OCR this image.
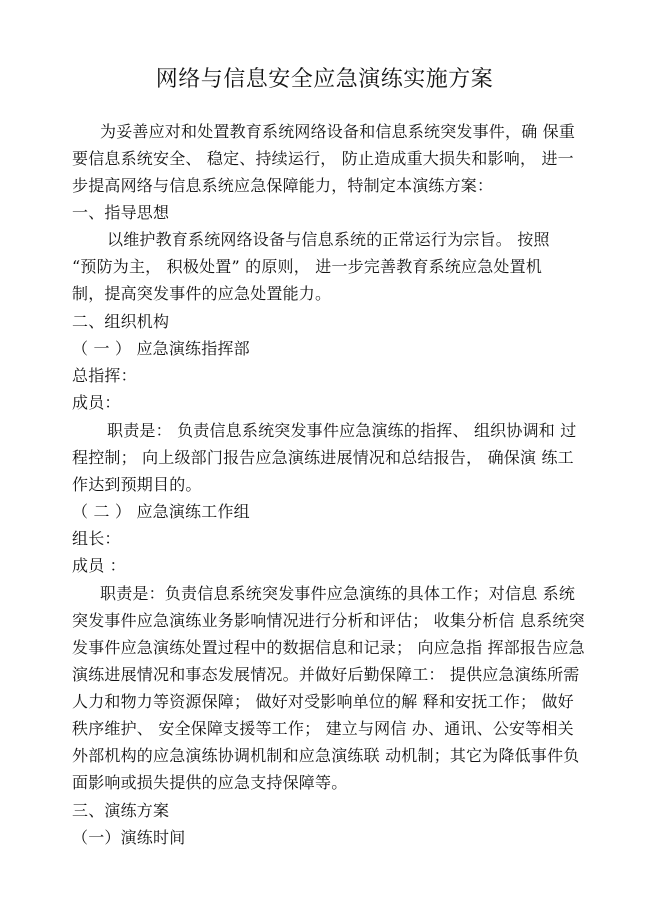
网络与信息安全应急演练实施方案
为妥善应对和处置教育系统网络设备和信息系统突发事件，确 保重
要信息系统安全、 稳定、持续运行， 防止造成重大损失和影响， 进一
步提高网络与信息系统应急保障能力，特制定本演练方案：
一、指导思想
以维护教育系统网络设备与信息系统的正常运行为宗旨。 按照
“预防为主， 积极处置” 的原则， 进一步完善教育系统应急处置机
制，提高突发事件的应急处置能力。
二、组织机构
（ 一 ） 应急演练指挥部
总指挥：
成员：
职责是： 负责信息系统突发事件应急演练的指挥、 组织协调和 过
程控制； 向上级部门报告应急演练进展情况和总结报告， 确保演 练工
作达到预期目的。
（ 二 ） 应急演练工作组
组长：
成员 ：
职责是：负责信息系统突发事件应急演练的具体工作；对信息 系统
突发事件应急演练业务影响情况进行分析和评估； 收集分析信 息系统突
发事件应急演练处置过程中的数据信息和记录； 向应急指 挥部报告应急
演练进展情况和事态发展情况。并做好后勤保障工： 提供应急演练所需
人力和物力等资源保障； 做好对受影响单位的解 释和安抚工作； 做好
秩序维护、 安全保障支援等工作； 建立与网信 办、通讯、公安等相关
外部机构的应急演练协调机制和应急演练联 动机制；其它为降低事件负
面影响或损失提供的应急支持保障等。
三、演练方案
（一）演练时间
